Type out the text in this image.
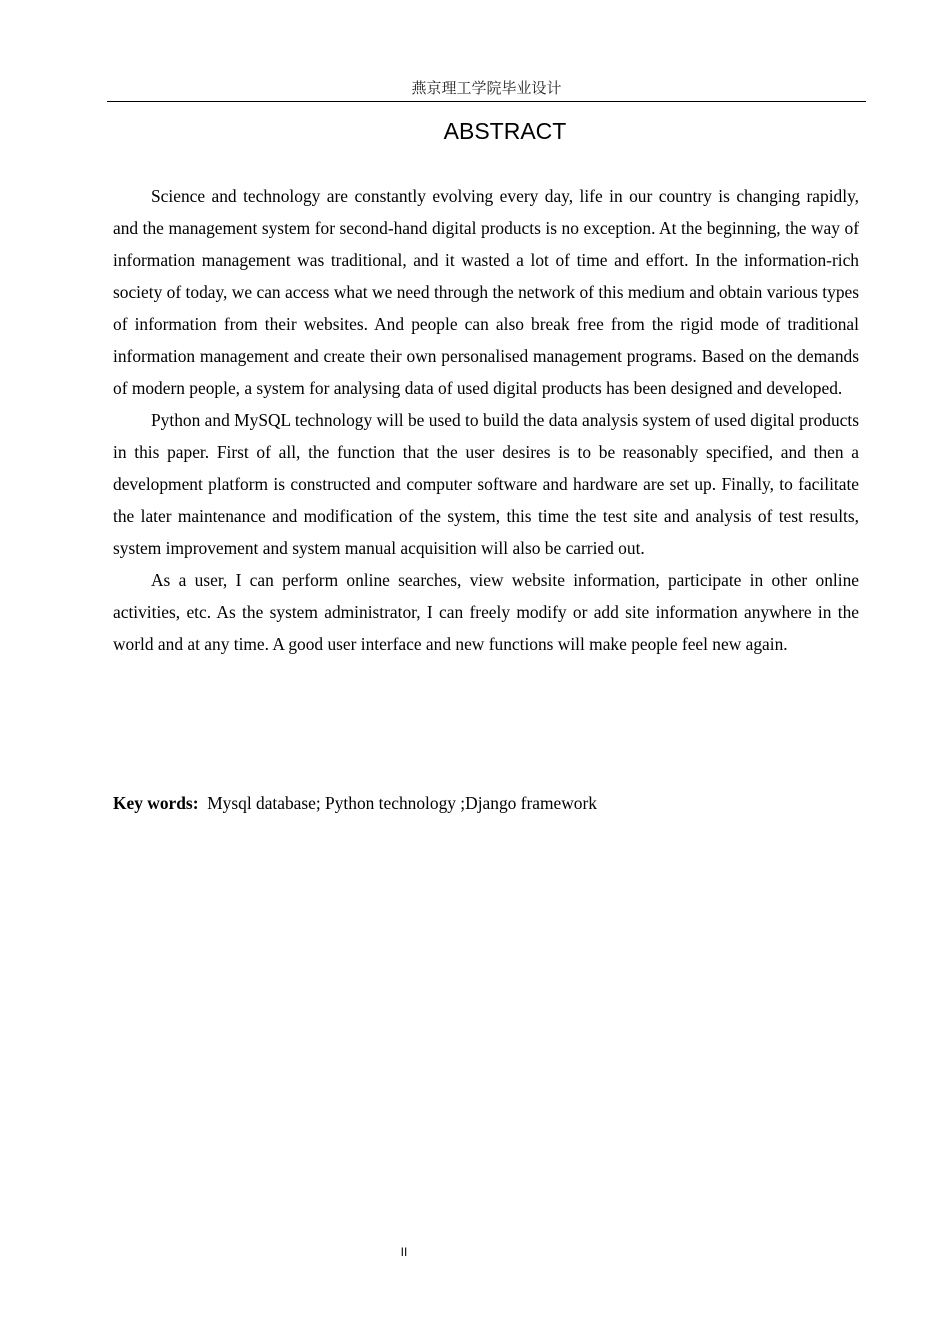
燕京理工学院毕业设计
ABSTRACT

Science and technology are constantly evolving every day, life in our country is changing rapidly, and the management system for second-hand digital products is no exception. At the beginning, the way of information management was traditional, and it wasted a lot of time and effort. In the information-rich society of today, we can access what we need through the network of this medium and obtain various types of information from their websites. And people can also break free from the rigid mode of traditional information management and create their own personalised management programs. Based on the demands of modern people, a system for analysing data of used digital products has been designed and developed.

Python and MySQL technology will be used to build the data analysis system of used digital products in this paper. First of all, the function that the user desires is to be reasonably specified, and then a development platform is constructed and computer software and hardware are set up. Finally, to facilitate the later maintenance and modification of the system, this time the test site and analysis of test results, system improvement and system manual acquisition will also be carried out.

As a user, I can perform online searches, view website information, participate in other online activities, etc. As the system administrator, I can freely modify or add site information anywhere in the world and at any time. A good user interface and new functions will make people feel new again.

Key words: Mysql database; Python technology ;Django framework
II
